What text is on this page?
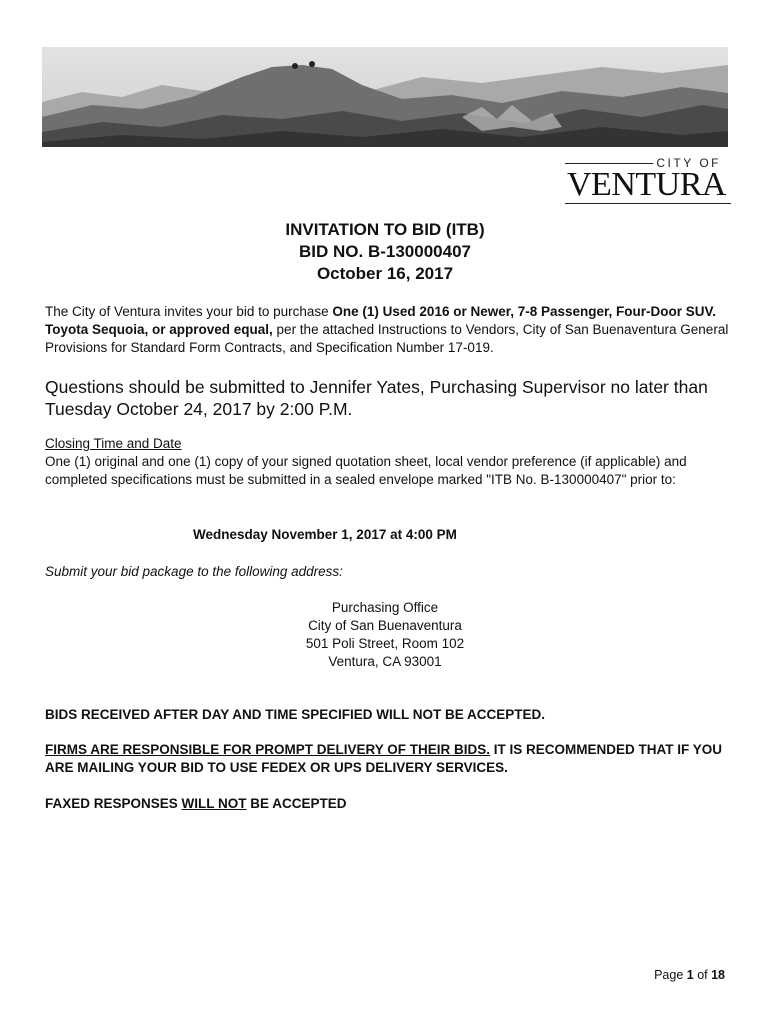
CITY OF
VENTURA
INVITATION TO BID (ITB)
BID NO. B-130000407
October 16, 2017
The City of Ventura invites your bid to purchase One (1) Used 2016 or Newer, 7-8 Passenger, Four-Door SUV. Toyota Sequoia, or approved equal, per the attached Instructions to Vendors, City of San Buenaventura General Provisions for Standard Form Contracts, and Specification Number 17-019.
Questions should be submitted to Jennifer Yates, Purchasing Supervisor no later than Tuesday October 24, 2017 by 2:00 P.M.
Closing Time and Date
One (1) original and one (1) copy of your signed quotation sheet, local vendor preference (if applicable) and completed specifications must be submitted in a sealed envelope marked "ITB No. B-130000407" prior to:
Wednesday November 1, 2017 at 4:00 PM
Submit your bid package to the following address:
Purchasing Office
City of San Buenaventura
501 Poli Street, Room 102
Ventura, CA 93001
BIDS RECEIVED AFTER DAY AND TIME SPECIFIED WILL NOT BE ACCEPTED.
FIRMS ARE RESPONSIBLE FOR PROMPT DELIVERY OF THEIR BIDS. IT IS RECOMMENDED THAT IF YOU ARE MAILING YOUR BID TO USE FEDEX OR UPS DELIVERY SERVICES.
FAXED RESPONSES WILL NOT BE ACCEPTED
Page 1 of 18
